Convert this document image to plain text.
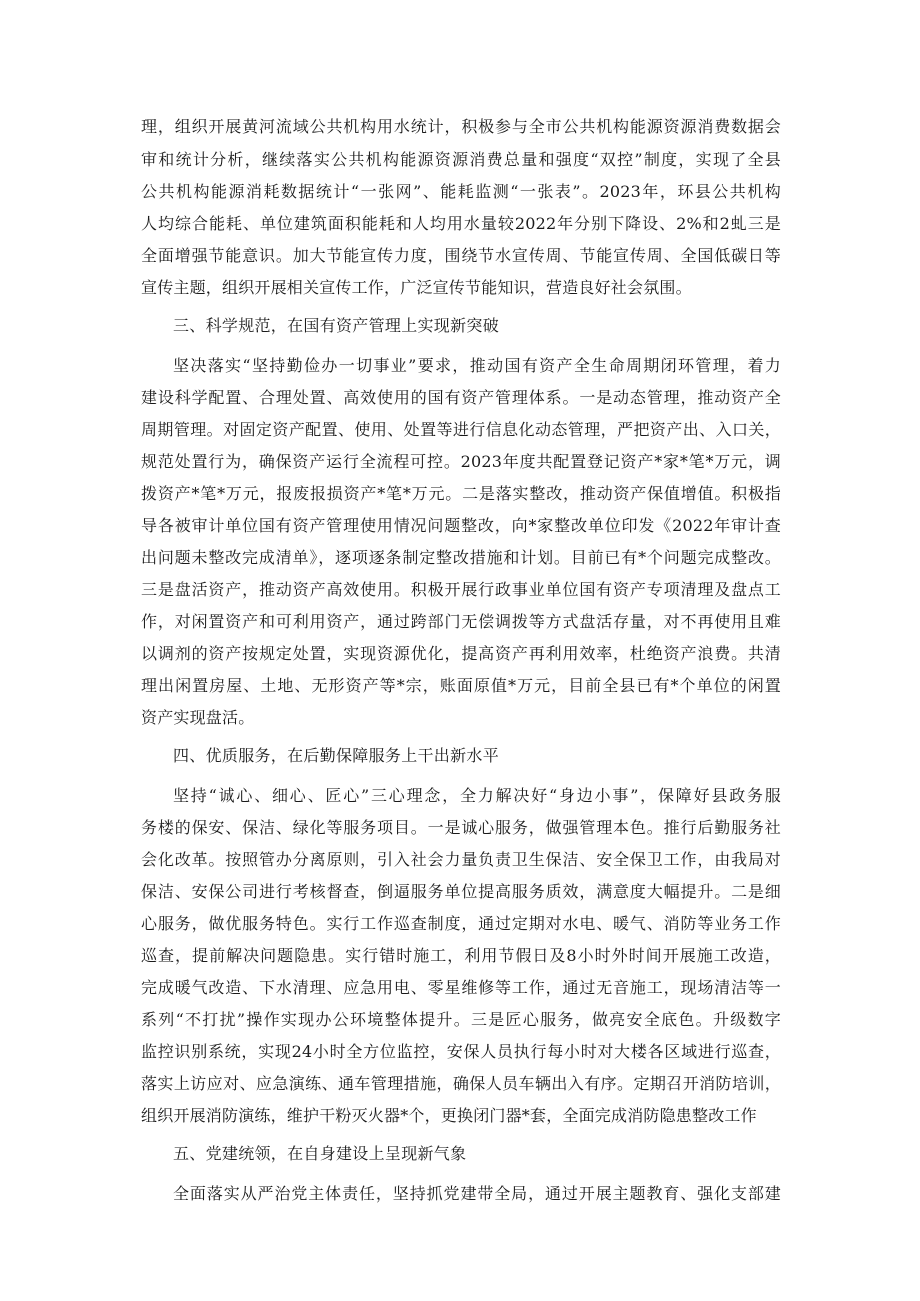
理，组织开展黄河流域公共机构用水统计，积极参与全市公共机构能源资源消费数据会
审和统计分析，继续落实公共机构能源资源消费总量和强度“双控”制度，实现了全县
公共机构能源消耗数据统计“一张网”、能耗监测“一张表”。2023年，环县公共机构
人均综合能耗、单位建筑面积能耗和人均用水量较2022年分别下降设、2%和2虬三是
全面增强节能意识。加大节能宣传力度，围绕节水宣传周、节能宣传周、全国低碳日等
宣传主题，组织开展相关宣传工作，广泛宣传节能知识，营造良好社会氛围。
三、科学规范，在国有资产管理上实现新突破
坚决落实“坚持勤俭办一切事业”要求，推动国有资产全生命周期闭环管理，着力
建设科学配置、合理处置、高效使用的国有资产管理体系。一是动态管理，推动资产全
周期管理。对固定资产配置、使用、处置等进行信息化动态管理，严把资产出、入口关，
规范处置行为，确保资产运行全流程可控。2023年度共配置登记资产*家*笔*万元，调
拨资产*笔*万元，报废报损资产*笔*万元。二是落实整改，推动资产保值增值。积极指
导各被审计单位国有资产管理使用情况问题整改，向*家整改单位印发《2022年审计查
出问题未整改完成清单》，逐项逐条制定整改措施和计划。目前已有*个问题完成整改。
三是盘活资产，推动资产高效使用。积极开展行政事业单位国有资产专项清理及盘点工
作，对闲置资产和可利用资产，通过跨部门无偿调拨等方式盘活存量，对不再使用且难
以调剂的资产按规定处置，实现资源优化，提高资产再利用效率，杜绝资产浪费。共清
理出闲置房屋、土地、无形资产等*宗，账面原值*万元，目前全县已有*个单位的闲置
资产实现盘活。
四、优质服务，在后勤保障服务上干出新水平
坚持“诚心、细心、匠心”三心理念，全力解决好“身边小事”，保障好县政务服
务楼的保安、保洁、绿化等服务项目。一是诚心服务，做强管理本色。推行后勤服务社
会化改革。按照管办分离原则，引入社会力量负责卫生保洁、安全保卫工作，由我局对
保洁、安保公司进行考核督查，倒逼服务单位提高服务质效，满意度大幅提升。二是细
心服务，做优服务特色。实行工作巡查制度，通过定期对水电、暖气、消防等业务工作
巡查，提前解决问题隐患。实行错时施工，利用节假日及8小时外时间开展施工改造，
完成暖气改造、下水清理、应急用电、零星维修等工作，通过无音施工，现场清洁等一
系列“不打扰”操作实现办公环境整体提升。三是匠心服务，做亮安全底色。升级数字
监控识别系统，实现24小时全方位监控，安保人员执行每小时对大楼各区域进行巡查，
落实上访应对、应急演练、通车管理措施，确保人员车辆出入有序。定期召开消防培训，
组织开展消防演练，维护干粉灭火器*个，更换闭门器*套，全面完成消防隐患整改工作
五、党建统领，在自身建设上呈现新气象
全面落实从严治党主体责任，坚持抓党建带全局，通过开展主题教育、强化支部建
